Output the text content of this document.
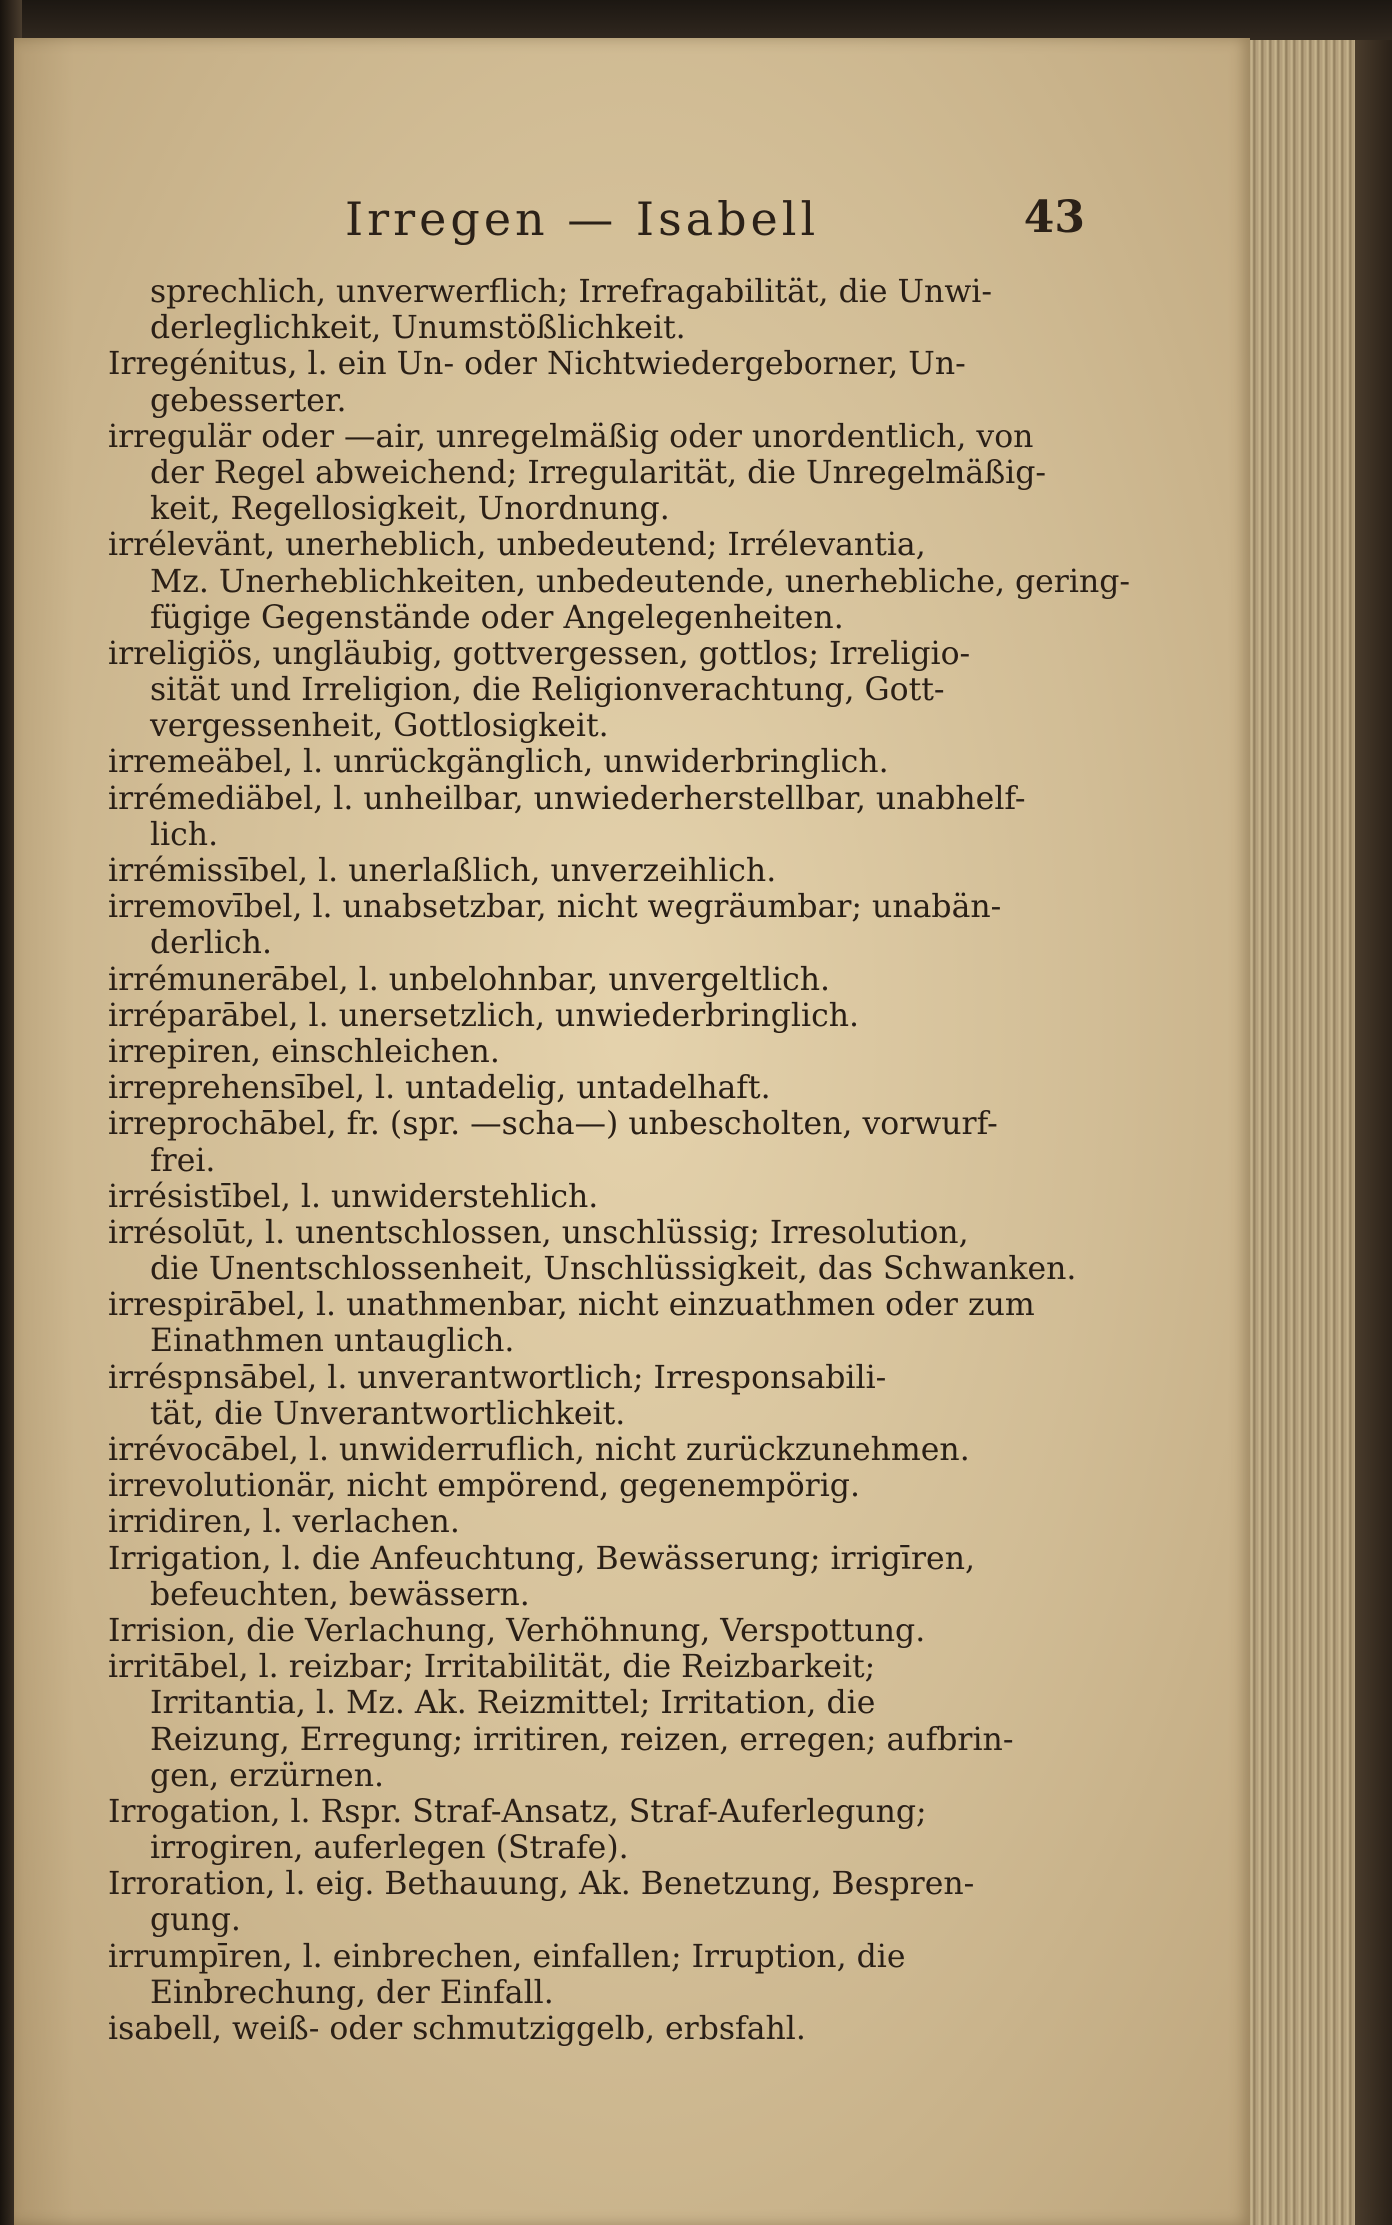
Irregen — Isabell	43
sprechlich, unverwerflich; Irrefragabilität, die Unwi-
derleglichkeit, Unumstößlichkeit.
Irregénitus, l. ein Un- oder Nichtwiedergeborner, Un-
gebesserter.
irregulär oder —air, unregelmäßig oder unordentlich, von
der Regel abweichend; Irregularität, die Unregelmäßig-
keit, Regellosigkeit, Unordnung.
irrélevänt, unerheblich, unbedeutend; Irrélevantia,
Mz. Unerheblichkeiten, unbedeutende, unerhebliche, gering-
fügige Gegenstände oder Angelegenheiten.
irreligiös, ungläubig, gottvergessen, gottlos; Irreligio-
sität und Irreligion, die Religionverachtung, Gott-
vergessenheit, Gottlosigkeit.
irremeäbel, l. unrückgänglich, unwiderbringlich.
irrémediäbel, l. unheilbar, unwiederherstellbar, unabhelf-
lich.
irrémissībel, l. unerlaßlich, unverzeihlich.
irremovībel, l. unabsetzbar, nicht wegräumbar; unabän-
derlich.
irrémunerābel, l. unbelohnbar, unvergeltlich.
irréparābel, l. unersetzlich, unwiederbringlich.
irrepiren, einschleichen.
irreprehensībel, l. untadelig, untadelhaft.
irreprochābel, fr. (spr. —scha—) unbescholten, vorwurf-
frei.
irrésistībel, l. unwiderstehlich.
irrésolūt, l. unentschlossen, unschlüssig; Irresolution,
die Unentschlossenheit, Unschlüssigkeit, das Schwanken.
irrespirābel, l. unathmenbar, nicht einzuathmen oder zum
Einathmen untauglich.
irréspnsābel, l. unverantwortlich; Irresponsabili-
tät, die Unverantwortlichkeit.
irrévocābel, l. unwiderruflich, nicht zurückzunehmen.
irrevolutionär, nicht empörend, gegenempörig.
irridiren, l. verlachen.
Irrigation, l. die Anfeuchtung, Bewässerung; irrigīren,
befeuchten, bewässern.
Irrision, die Verlachung, Verhöhnung, Verspottung.
irritābel, l. reizbar; Irritabilität, die Reizbarkeit;
Irritantia, l. Mz. Ak. Reizmittel; Irritation, die
Reizung, Erregung; irritiren, reizen, erregen; aufbrin-
gen, erzürnen.
Irrogation, l. Rspr. Straf-Ansatz, Straf-Auferlegung;
irrogiren, auferlegen (Strafe).
Irroration, l. eig. Bethauung, Ak. Benetzung, Bespren-
gung.
irrumpīren, l. einbrechen, einfallen; Irruption, die
Einbrechung, der Einfall.
isabell, weiß- oder schmutziggelb, erbsfahl.
